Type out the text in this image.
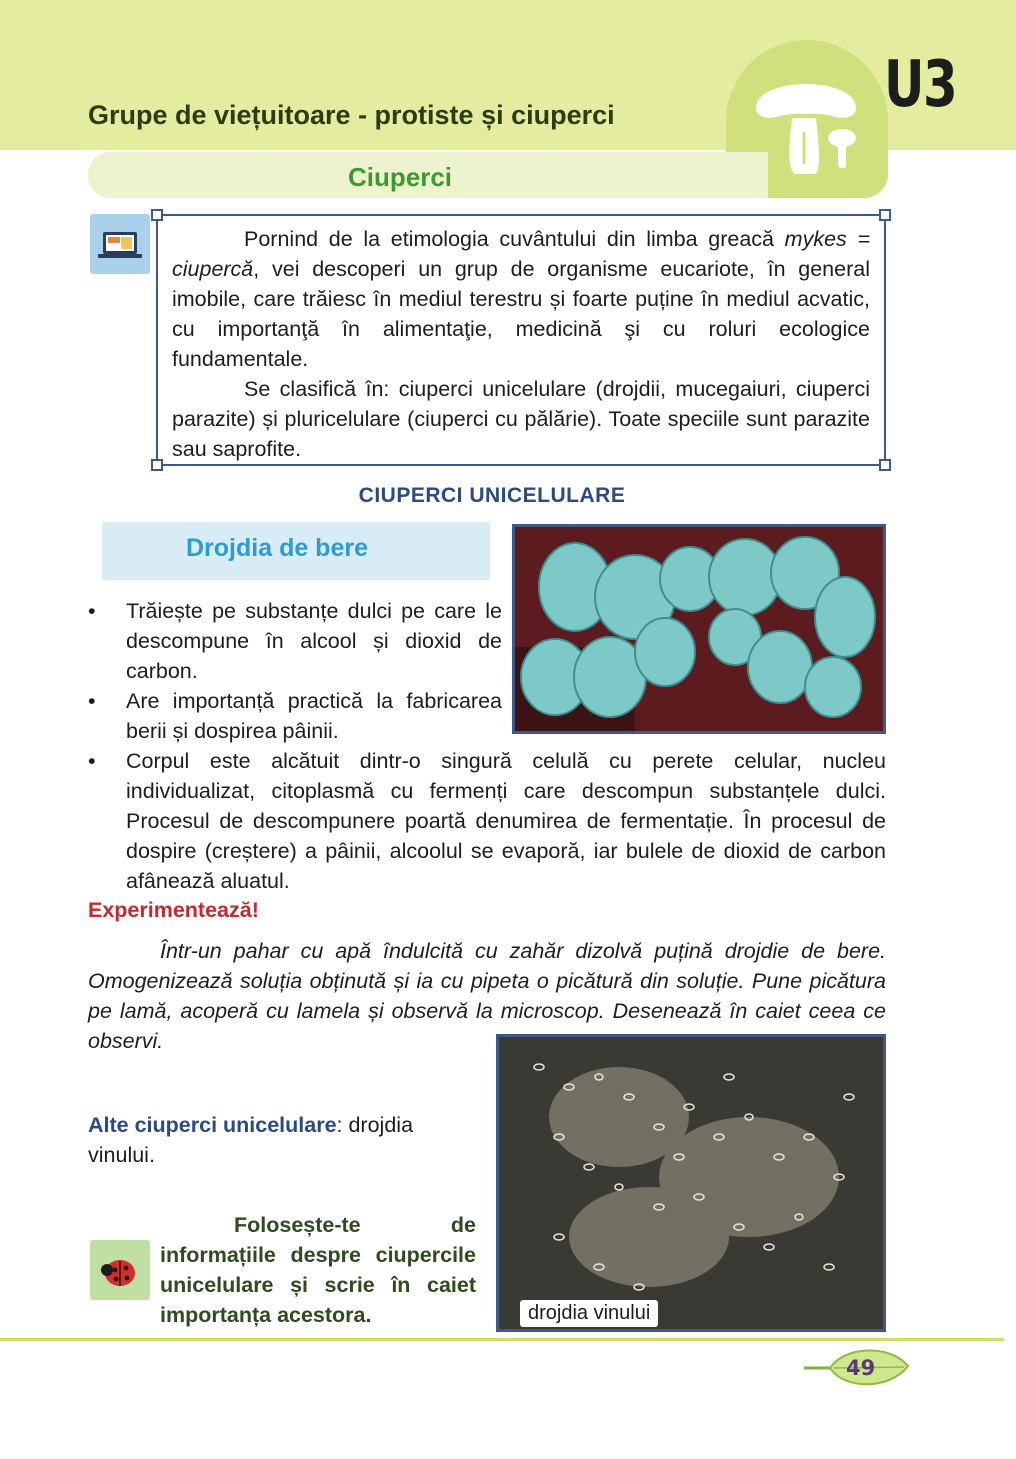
U3
Grupe de viețuitoare - protiste și ciuperci
Ciuperci

Pornind de la etimologia cuvântului din limba greacă mykes = ciupercă, vei descoperi un grup de organisme eucariote, în general imobile, care trăiesc în mediul terestru și foarte puține în mediul acvatic, cu importanţă în alimentaţie, medicină şi cu roluri ecologice fundamentale.

Se clasifică în: ciuperci unicelulare (drojdii, mucegaiuri, ciuperci parazite) și pluricelulare (ciuperci cu pălărie). Toate speciile sunt parazite sau saprofite.

CIUPERCI UNICELULARE
Drojdia de bere
• Trăiește pe substanțe dulci pe care le descompune în alcool și dioxid de carbon.
• Are importanță practică la fabricarea berii și dospirea pâinii.
• Corpul este alcătuit dintr-o singură celulă cu perete celular, nucleu individualizat, citoplasmă cu fermenți care descompun substanțele dulci. Procesul de descompunere poartă denumirea de fermentație. În procesul de dospire (creștere) a pâinii, alcoolul se evaporă, iar bulele de dioxid de carbon afânează aluatul.
Experimentează!

Într-un pahar cu apă îndulcită cu zahăr dizolvă puțină drojdie de bere. Omogenizează soluția obținută și ia cu pipeta o picătură din soluție. Pune picătura pe lamă, acoperă cu lamela și observă la microscop. Desenează în caiet ceea ce observi.

drojdia vinului
Alte ciuperci unicelulare: drojdia vinului.

Folosește-te de informațiile despre ciupercile unicelulare și scrie în caiet importanța acestora.

49
